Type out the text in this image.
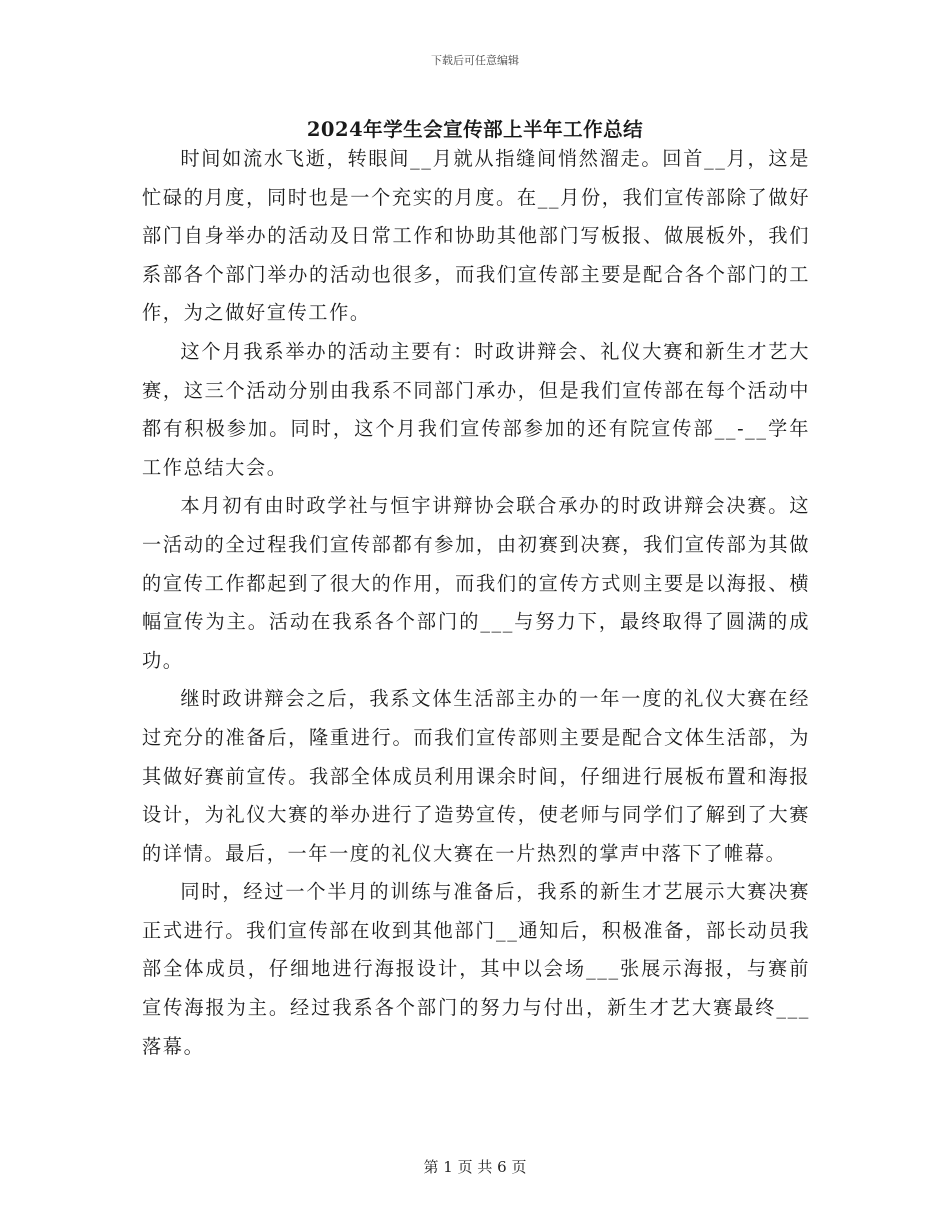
下载后可任意编辑
2024年学生会宣传部上半年工作总结

时间如流水飞逝，转眼间__月就从指缝间悄然溜走。回首__月，这是忙碌的月度，同时也是一个充实的月度。在__月份，我们宣传部除了做好部门自身举办的活动及日常工作和协助其他部门写板报、做展板外，我们系部各个部门举办的活动也很多，而我们宣传部主要是配合各个部门的工作，为之做好宣传工作。

这个月我系举办的活动主要有：时政讲辩会、礼仪大赛和新生才艺大赛，这三个活动分别由我系不同部门承办，但是我们宣传部在每个活动中都有积极参加。同时，这个月我们宣传部参加的还有院宣传部__-__学年工作总结大会。

本月初有由时政学社与恒宇讲辩协会联合承办的时政讲辩会决赛。这一活动的全过程我们宣传部都有参加，由初赛到决赛，我们宣传部为其做的宣传工作都起到了很大的作用，而我们的宣传方式则主要是以海报、横幅宣传为主。活动在我系各个部门的___与努力下，最终取得了圆满的成功。

继时政讲辩会之后，我系文体生活部主办的一年一度的礼仪大赛在经过充分的准备后，隆重进行。而我们宣传部则主要是配合文体生活部，为其做好赛前宣传。我部全体成员利用课余时间，仔细进行展板布置和海报设计，为礼仪大赛的举办进行了造势宣传，使老师与同学们了解到了大赛的详情。最后，一年一度的礼仪大赛在一片热烈的掌声中落下了帷幕。

同时，经过一个半月的训练与准备后，我系的新生才艺展示大赛决赛正式进行。我们宣传部在收到其他部门__通知后，积极准备，部长动员我部全体成员，仔细地进行海报设计，其中以会场___张展示海报，与赛前宣传海报为主。经过我系各个部门的努力与付出，新生才艺大赛最终___落幕。

第 1 页 共 6 页
